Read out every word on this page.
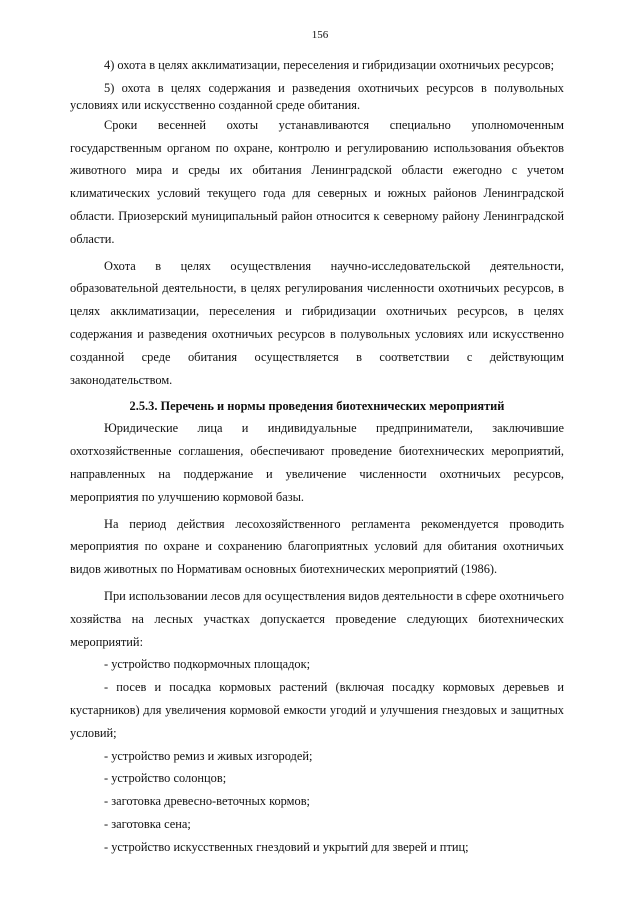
156

4) охота в целях акклиматизации, переселения и гибридизации охотничьих ресурсов;

5) охота в целях содержания и разведения охотничьих ресурсов в полувольных условиях или искусственно созданной среде обитания.

Сроки весенней охоты устанавливаются специально уполномоченным государственным органом по охране, контролю и регулированию использования объектов животного мира и среды их обитания Ленинградской области ежегодно с учетом климатических условий текущего года для северных и южных районов Ленинградской области. Приозерский муниципальный район относится к северному району Ленинградской области.

Охота в целях осуществления научно-исследовательской деятельности, образовательной деятельности, в целях регулирования численности охотничьих ресурсов, в целях акклиматизации, переселения и гибридизации охотничьих ресурсов, в целях содержания и разведения охотничьих ресурсов в полувольных условиях или искусственно созданной среде обитания осуществляется в соответствии с действующим законодательством.

2.5.3. Перечень и нормы проведения биотехнических мероприятий

Юридические лица и индивидуальные предприниматели, заключившие охотхозяйственные соглашения, обеспечивают проведение биотехнических мероприятий, направленных на поддержание и увеличение численности охотничьих ресурсов, мероприятия по улучшению кормовой базы.

На период действия лесохозяйственного регламента рекомендуется проводить мероприятия по охране и сохранению благоприятных условий для обитания охотничьих видов животных по Нормативам основных биотехнических мероприятий (1986).

При использовании лесов для осуществления видов деятельности в сфере охотничьего хозяйства на лесных участках допускается проведение следующих биотехнических мероприятий:

- устройство подкормочных площадок;

- посев и посадка кормовых растений (включая посадку кормовых деревьев и кустарников) для увеличения кормовой емкости угодий и улучшения гнездовых и защитных условий;

- устройство ремиз и живых изгородей;

- устройство солонцов;

- заготовка древесно-веточных кормов;

- заготовка сена;

- устройство искусственных гнездовий и укрытий для зверей и птиц;
